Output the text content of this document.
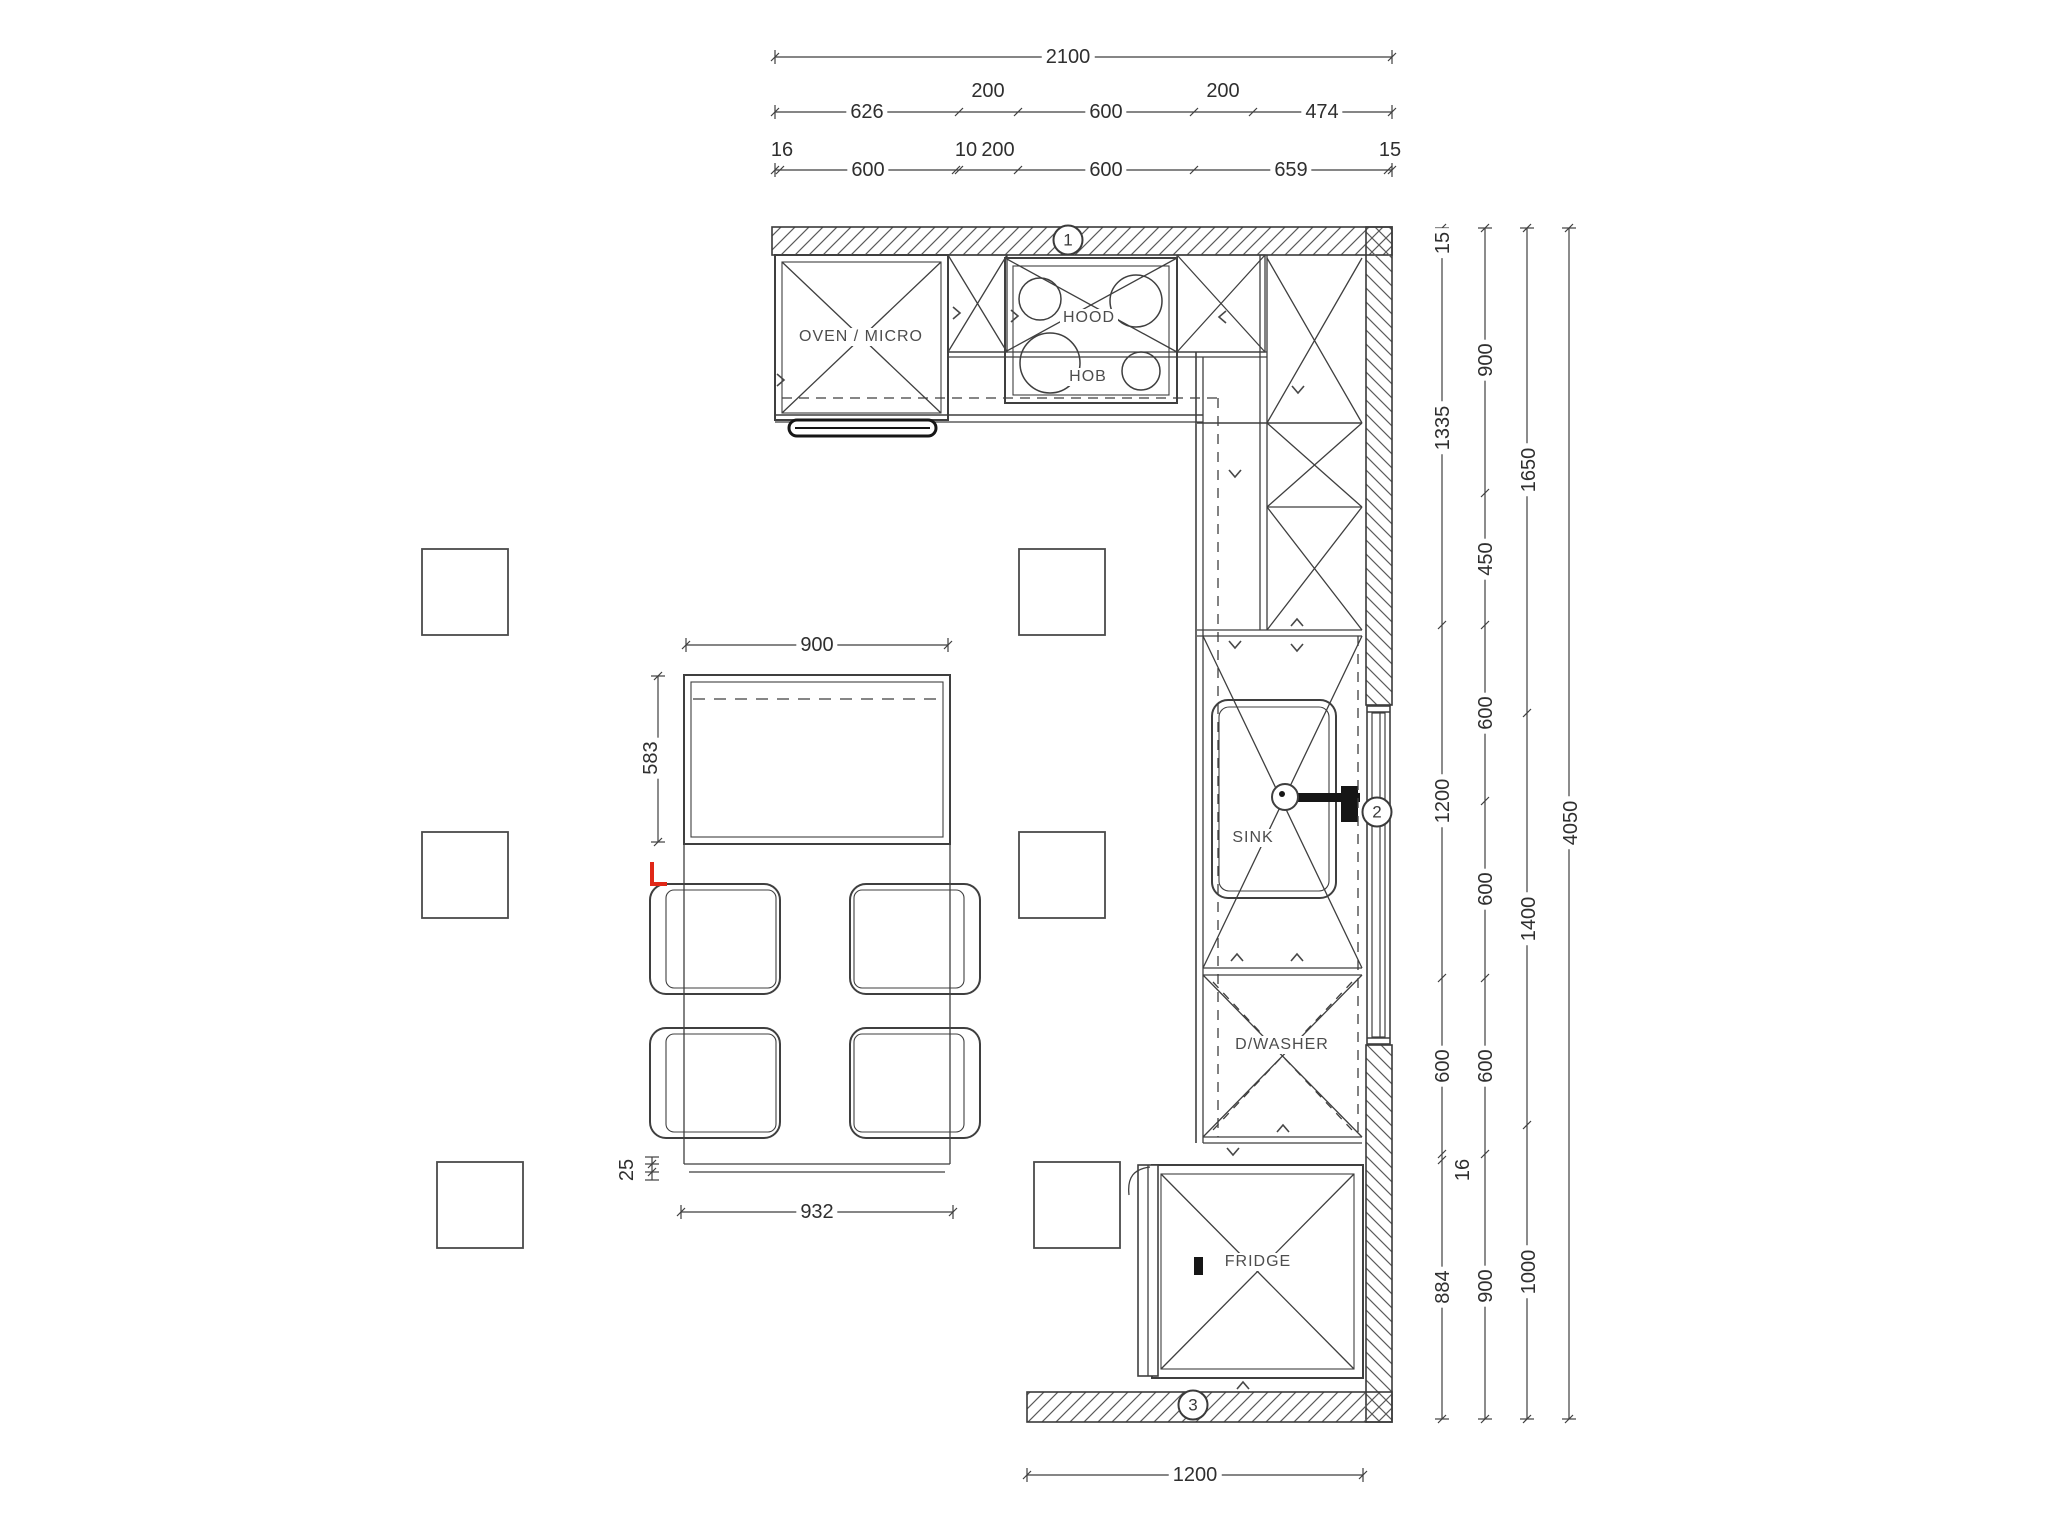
2100
626
200
600
200
474
16
600
10 200
600	659
15
15
1335
1200
600
16
884
900
450
600
600
600
900
1650
1400
1000
4050
1200
900
583
932
25
OVEN / MICRO
HOOD
HOB
SINK
D/WASHER
FRIDGE
1
2
3
